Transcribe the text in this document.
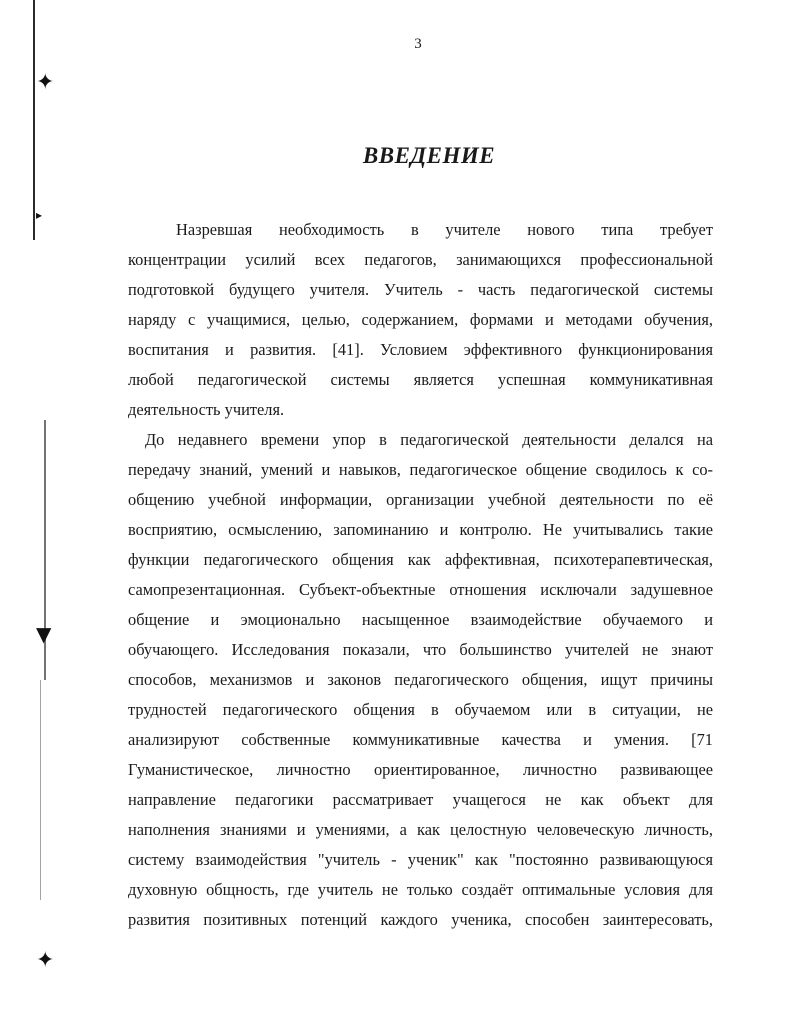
✦
▸
▼
✦
3
ВВЕДЕНИЕ
Назревшая необходимость в учителе нового типа требует
концентрации усилий всех педагогов, занимающихся профессиональной
подготовкой будущего учителя. Учитель - часть педагогической системы
наряду с учащимися, целью, содержанием, формами и методами обучения,
воспитания и развития. [41]. Условием эффективного функционирования
любой педагогической системы является успешная коммуникативная
деятельность учителя.
До недавнего времени упор в педагогической деятельности делался на
передачу знаний, умений и навыков, педагогическое общение сводилось к со-
общению учебной информации, организации учебной деятельности по её
восприятию, осмыслению, запоминанию и контролю. Не учитывались такие
функции педагогического общения как аффективная, психотерапевтическая,
самопрезентационная. Субъект-объектные отношения исключали задушевное
общение и эмоционально насыщенное взаимодействие обучаемого и
обучающего. Исследования показали, что большинство учителей не знают
способов, механизмов и законов педагогического общения, ищут причины
трудностей педагогического общения в обучаемом или в ситуации, не
анализируют собственные коммуникативные качества и умения. [71
Гуманистическое, личностно ориентированное, личностно развивающее
направление педагогики рассматривает учащегося не как объект для
наполнения знаниями и умениями, а как целостную человеческую личность,
систему взаимодействия "учитель - ученик" как "постоянно развивающуюся
духовную общность, где учитель не только создаёт оптимальные условия для
развития позитивных потенций каждого ученика, способен заинтересовать,
